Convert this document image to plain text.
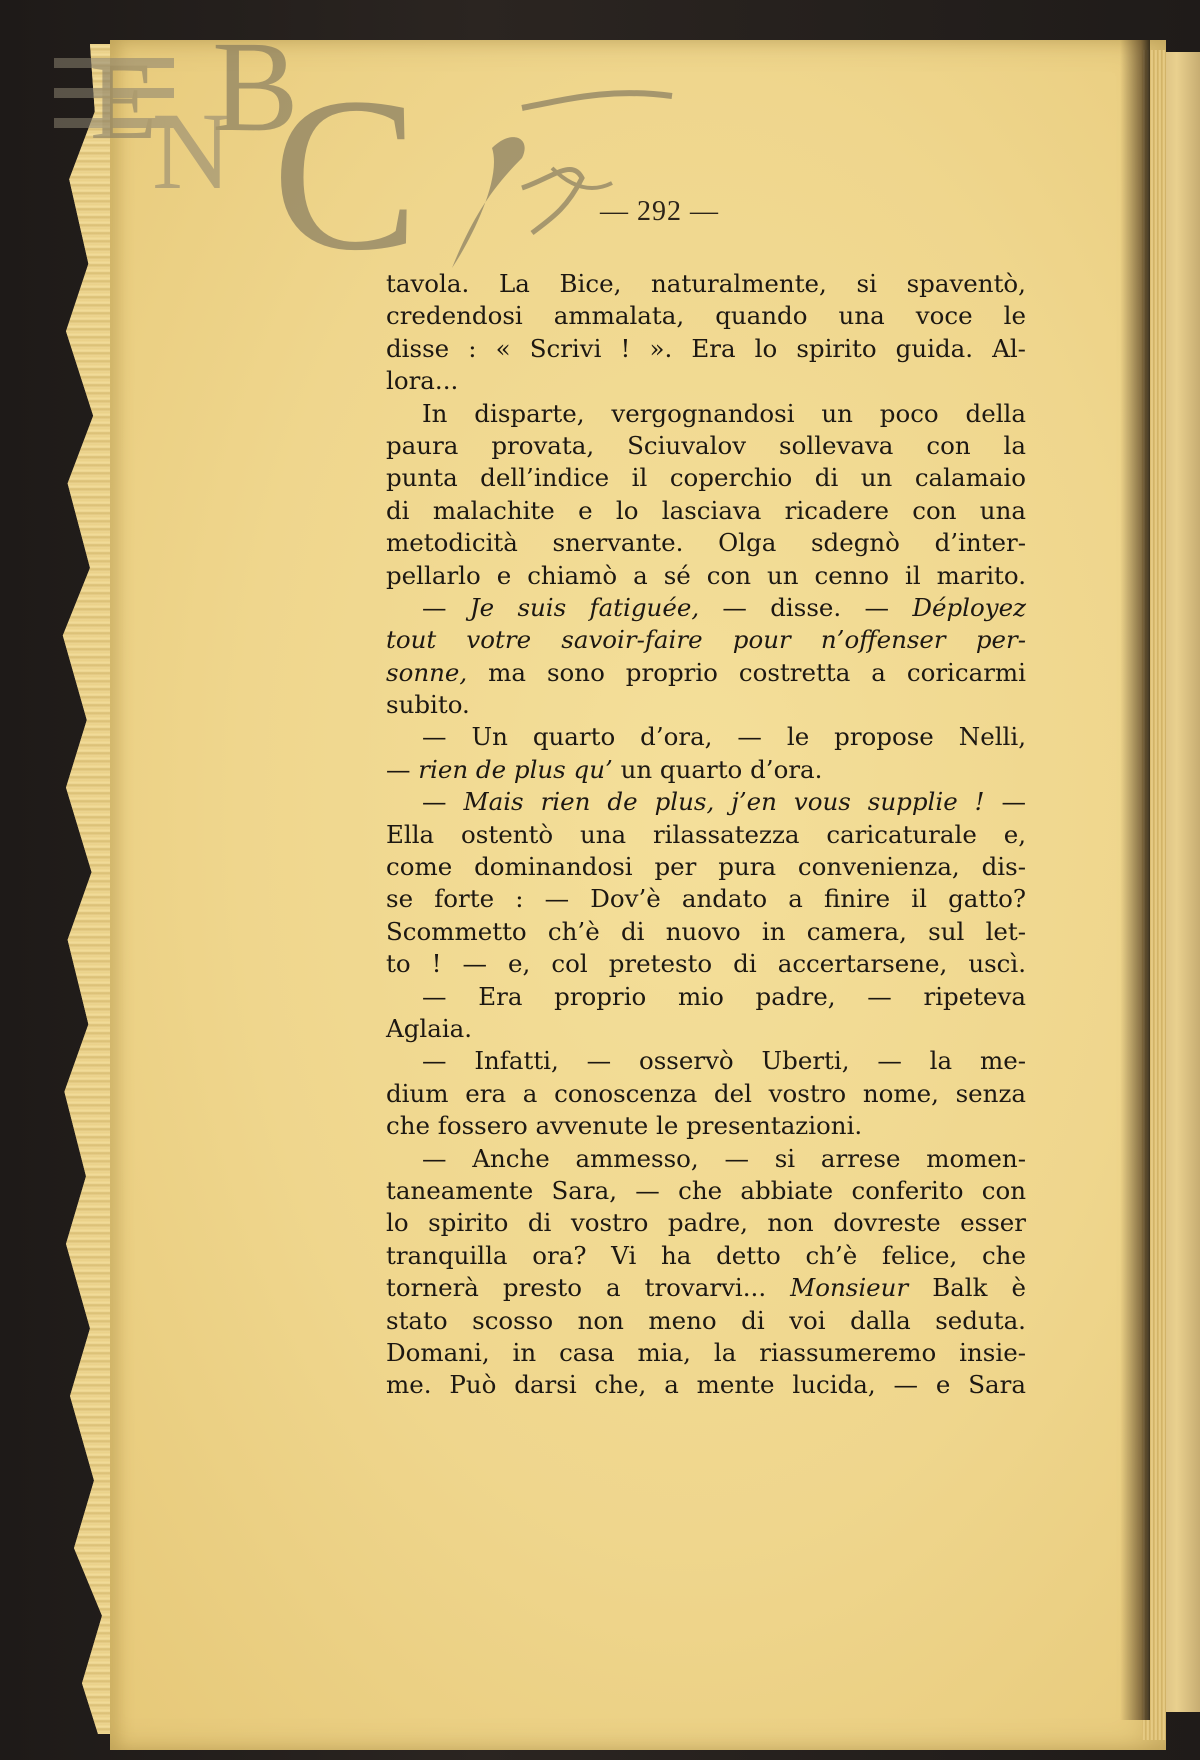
E
N
B
C	— 292 —
tavola. La Bice, naturalmente, si spaventò,
credendosi ammalata, quando una voce le
disse : « Scrivi ! ». Era lo spirito guida. Al-
lora...
In disparte, vergognandosi un poco della
paura provata, Sciuvalov sollevava con la
punta dell’indice il coperchio di un calamaio
di malachite e lo lasciava ricadere con una
metodicità snervante. Olga sdegnò d’inter-
pellarlo e chiamò a sé con un cenno il marito.
— Je suis fatiguée, — disse. — Déployez
tout votre savoir-faire pour n’offenser per-
sonne, ma sono proprio costretta a coricarmi
subito.
— Un quarto d’ora, — le propose Nelli,
— rien de plus qu’ un quarto d’ora.
— Mais rien de plus, j’en vous supplie ! —
Ella ostentò una rilassatezza caricaturale e,
come dominandosi per pura convenienza, dis-
se forte : — Dov’è andato a finire il gatto?
Scommetto ch’è di nuovo in camera, sul let-
to ! — e, col pretesto di accertarsene, uscì.
— Era proprio mio padre, — ripeteva
Aglaia.
— Infatti, — osservò Uberti, — la me-
dium era a conoscenza del vostro nome, senza
che fossero avvenute le presentazioni.
— Anche ammesso, — si arrese momen-
taneamente Sara, — che abbiate conferito con
lo spirito di vostro padre, non dovreste esser
tranquilla ora? Vi ha detto ch’è felice, che
tornerà presto a trovarvi... Monsieur Balk è
stato scosso non meno di voi dalla seduta.
Domani, in casa mia, la riassumeremo insie-
me. Può darsi che, a mente lucida, — e Sara
